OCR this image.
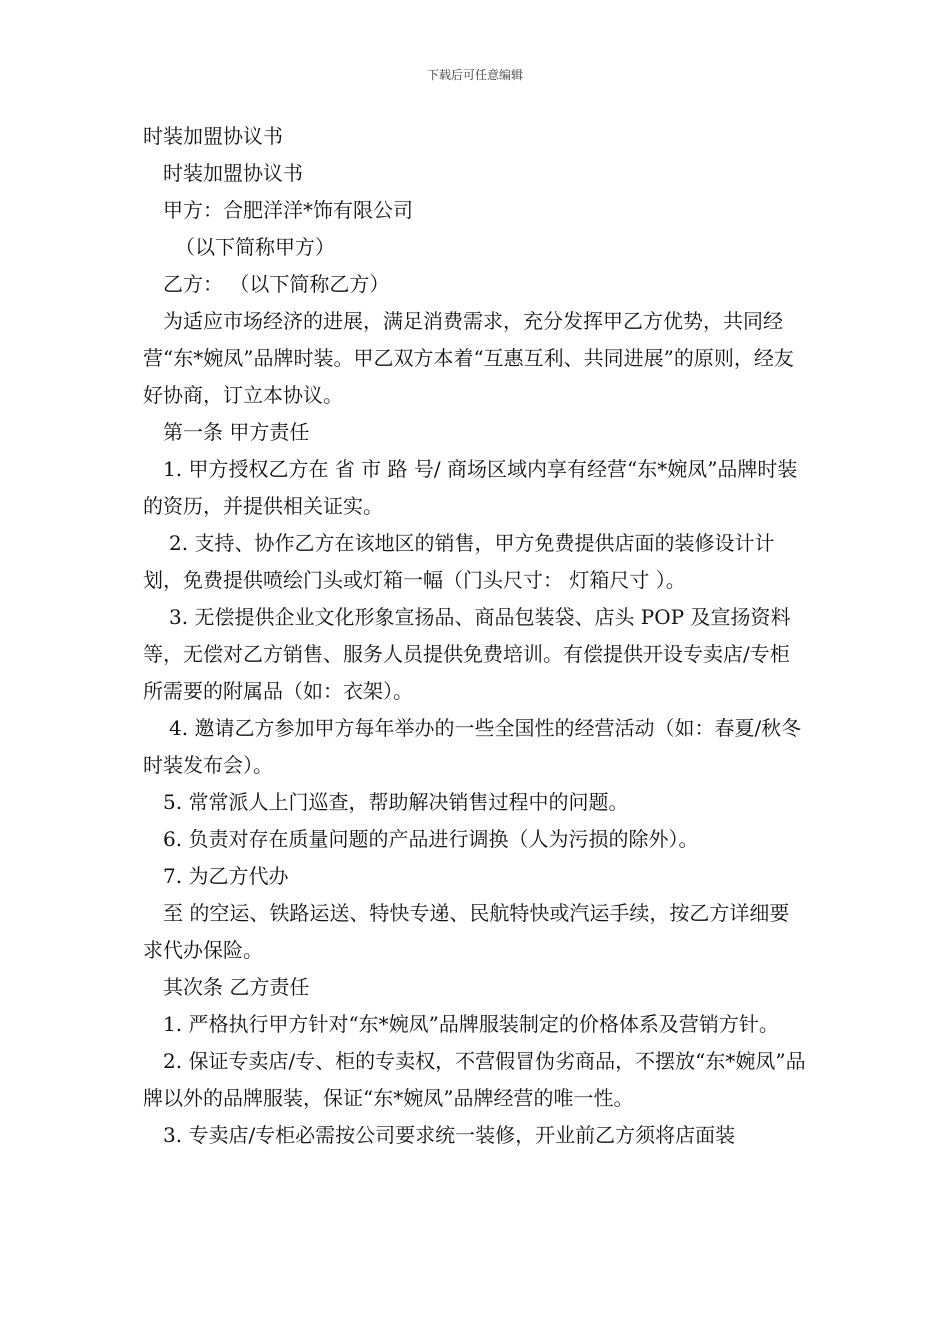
下载后可任意编辑

时装加盟协议书

时装加盟协议书

甲方：合肥洋洋*饰有限公司

（以下简称甲方）

乙方： （以下简称乙方）

为适应市场经济的进展，满足消费需求，充分发挥甲乙方优势，共同经营“东*婉凤”品牌时装。甲乙双方本着“互惠互利、共同进展”的原则，经友好协商，订立本协议。

第一条 甲方责任

1. 甲方授权乙方在 省 市 路 号/ 商场区域内享有经营“东*婉凤”品牌时装的资历，并提供相关证实。

2. 支持、协作乙方在该地区的销售，甲方免费提供店面的装修设计计划，免费提供喷绘门头或灯箱一幅（门头尺寸： 灯箱尺寸 ）。

3. 无偿提供企业文化形象宣扬品、商品包装袋、店头 POP 及宣扬资料等，无偿对乙方销售、服务人员提供免费培训。有偿提供开设专卖店/专柜所需要的附属品（如：衣架）。

4. 邀请乙方参加甲方每年举办的一些全国性的经营活动（如：春夏/秋冬时装发布会）。

5. 常常派人上门巡查，帮助解决销售过程中的问题。

6. 负责对存在质量问题的产品进行调换（人为污损的除外）。

7. 为乙方代办

至 的空运、铁路运送、特快专递、民航特快或汽运手续，按乙方详细要求代办保险。

其次条 乙方责任

1. 严格执行甲方针对“东*婉凤”品牌服装制定的价格体系及营销方针。

2. 保证专卖店/专、柜的专卖权，不营假冒伪劣商品，不摆放“东*婉凤”品牌以外的品牌服装，保证“东*婉凤”品牌经营的唯一性。

3. 专卖店/专柜必需按公司要求统一装修，开业前乙方须将店面装
